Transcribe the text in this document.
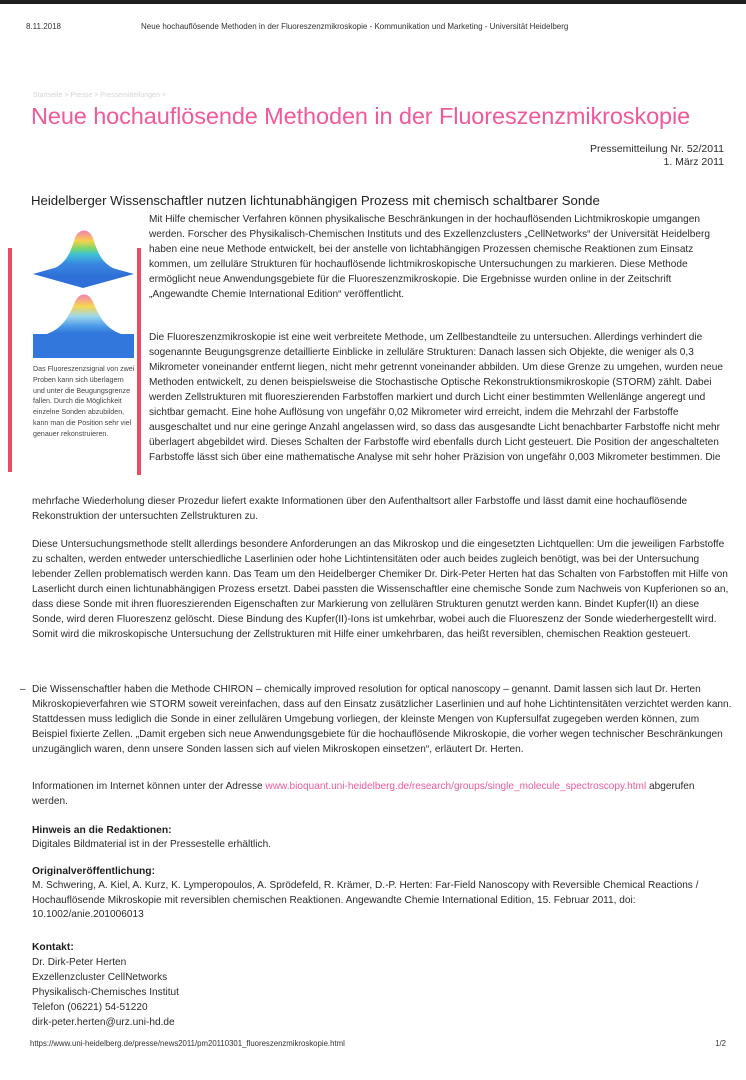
8.11.2018	Neue hochauflösende Methoden in der Fluoreszenzmikroskopie - Kommunikation und Marketing - Universität Heidelberg
Startseite > Presse > Pressemitteilungen >
Neue hochauflösende Methoden in der Fluoreszenzmikroskopie
Pressemitteilung Nr. 52/2011
1. März 2011
Heidelberger Wissenschaftler nutzen lichtunabhängigen Prozess mit chemisch schaltbarer Sonde
Das Fluoreszenzsignal von zwei Proben kann sich überlagern und unter die Beugungsgrenze fallen. Durch die Möglichkeit einzelne Sonden abzubilden, kann man die Position sehr viel genauer rekonstruieren.

Mit Hilfe chemischer Verfahren können physikalische Beschränkungen in der hochauflösenden Lichtmikroskopie umgangen werden. Forscher des Physikalisch-Chemischen Instituts und des Exzellenzclusters „CellNetworks“ der Universität Heidelberg haben eine neue Methode entwickelt, bei der anstelle von lichtabhängigen Prozessen chemische Reaktionen zum Einsatz kommen, um zelluläre Strukturen für hochauflösende lichtmikroskopische Untersuchungen zu markieren. Diese Methode ermöglicht neue Anwendungsgebiete für die Fluoreszenzmikroskopie. Die Ergebnisse wurden online in der Zeitschrift „Angewandte Chemie International Edition“ veröffentlicht.

Die Fluoreszenzmikroskopie ist eine weit verbreitete Methode, um Zellbestandteile zu untersuchen. Allerdings verhindert die sogenannte Beugungsgrenze detaillierte Einblicke in zelluläre Strukturen: Danach lassen sich Objekte, die weniger als 0,3 Mikrometer voneinander entfernt liegen, nicht mehr getrennt voneinander abbilden. Um diese Grenze zu umgehen, wurden neue Methoden entwickelt, zu denen beispielsweise die Stochastische Optische Rekonstruktionsmikroskopie (STORM) zählt. Dabei werden Zellstrukturen mit fluoreszierenden Farbstoffen markiert und durch Licht einer bestimmten Wellenlänge angeregt und sichtbar gemacht. Eine hohe Auflösung von ungefähr 0,02 Mikrometer wird erreicht, indem die Mehrzahl der Farbstoffe ausgeschaltet und nur eine geringe Anzahl angelassen wird, so dass das ausgesandte Licht benachbarter Farbstoffe nicht mehr überlagert abgebildet wird. Dieses Schalten der Farbstoffe wird ebenfalls durch Licht gesteuert. Die Position der angeschalteten Farbstoffe lässt sich über eine mathematische Analyse mit sehr hoher Präzision von ungefähr 0,003 Mikrometer bestimmen. Die

mehrfache Wiederholung dieser Prozedur liefert exakte Informationen über den Aufenthaltsort aller Farbstoffe und lässt damit eine hochauflösende Rekonstruktion der untersuchten Zellstrukturen zu.

Diese Untersuchungsmethode stellt allerdings besondere Anforderungen an das Mikroskop und die eingesetzten Lichtquellen: Um die jeweiligen Farbstoffe zu schalten, werden entweder unterschiedliche Laserlinien oder hohe Lichtintensitäten oder auch beides zugleich benötigt, was bei der Untersuchung lebender Zellen problematisch werden kann. Das Team um den Heidelberger Chemiker Dr. Dirk-Peter Herten hat das Schalten von Farbstoffen mit Hilfe von Laserlicht durch einen lichtunabhängigen Prozess ersetzt. Dabei passten die Wissenschaftler eine chemische Sonde zum Nachweis von Kupferionen so an, dass diese Sonde mit ihren fluoreszierenden Eigenschaften zur Markierung von zellulären Strukturen genutzt werden kann. Bindet Kupfer(II) an diese Sonde, wird deren Fluoreszenz gelöscht. Diese Bindung des Kupfer(II)-Ions ist umkehrbar, wobei auch die Fluoreszenz der Sonde wiederhergestellt wird. Somit wird die mikroskopische Untersuchung der Zellstrukturen mit Hilfe einer umkehrbaren, das heißt reversiblen, chemischen Reaktion gesteuert.

– Die Wissenschaftler haben die Methode CHIRON – chemically improved resolution for optical nanoscopy – genannt. Damit lassen sich laut Dr. Herten Mikroskopieverfahren wie STORM soweit vereinfachen, dass auf den Einsatz zusätzlicher Laserlinien und auf hohe Lichtintensitäten verzichtet werden kann. Stattdessen muss lediglich die Sonde in einer zellulären Umgebung vorliegen, der kleinste Mengen von Kupfersulfat zugegeben werden können, zum Beispiel fixierte Zellen. „Damit ergeben sich neue Anwendungsgebiete für die hochauflösende Mikroskopie, die vorher wegen technischer Beschränkungen unzugänglich waren, denn unsere Sonden lassen sich auf vielen Mikroskopen einsetzen“, erläutert Dr. Herten.

Informationen im Internet können unter der Adresse www.bioquant.uni-heidelberg.de/research/groups/single_molecule_spectroscopy.html abgerufen werden.

Hinweis an die Redaktionen:
Digitales Bildmaterial ist in der Pressestelle erhältlich.
Originalveröffentlichung:
M. Schwering, A. Kiel, A. Kurz, K. Lymperopoulos, A. Sprödefeld, R. Krämer, D.-P. Herten: Far-Field Nanoscopy with Reversible Chemical Reactions / Hochauflösende Mikroskopie mit reversiblen chemischen Reaktionen. Angewandte Chemie International Edition, 15. Februar 2011, doi: 10.1002/anie.201006013
Kontakt:
Dr. Dirk-Peter Herten
Exzellenzcluster CellNetworks
Physikalisch-Chemisches Institut
Telefon (06221) 54-51220
dirk-peter.herten@urz.uni-hd.de
https://www.uni-heidelberg.de/presse/news2011/pm20110301_fluoreszenzmikroskopie.html	1/2
